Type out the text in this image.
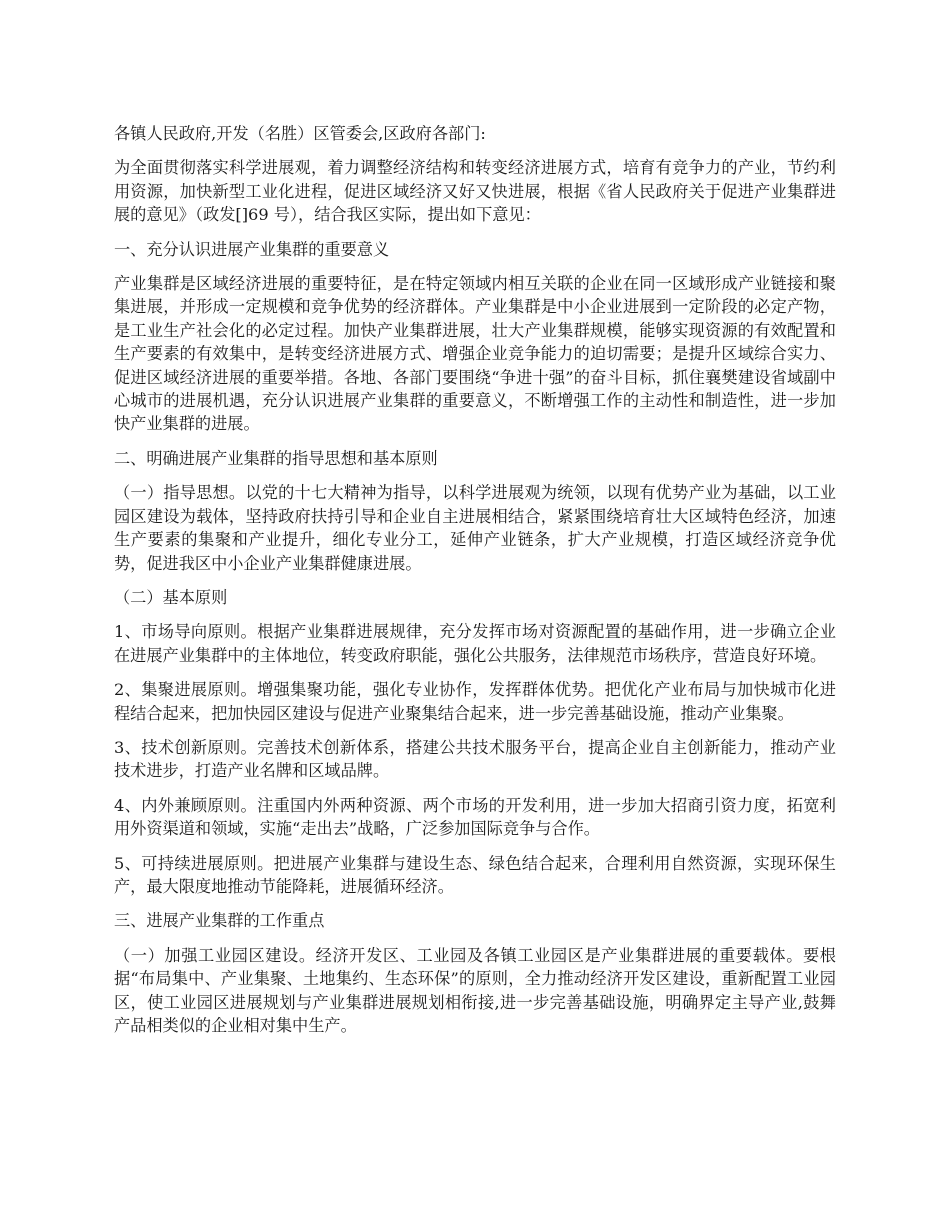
各镇人民政府,开发（名胜）区管委会,区政府各部门:

为全面贯彻落实科学进展观，着力调整经济结构和转变经济进展方式，培育有竞争力的产业，节约利用资源，加快新型工业化进程，促进区域经济又好又快进展，根据《省人民政府关于促进产业集群进展的意见》（政发[]69 号），结合我区实际，提出如下意见：

一、充分认识进展产业集群的重要意义

产业集群是区域经济进展的重要特征，是在特定领域内相互关联的企业在同一区域形成产业链接和聚集进展，并形成一定规模和竞争优势的经济群体。产业集群是中小企业进展到一定阶段的必定产物，是工业生产社会化的必定过程。加快产业集群进展，壮大产业集群规模，能够实现资源的有效配置和生产要素的有效集中，是转变经济进展方式、增强企业竞争能力的迫切需要；是提升区域综合实力、促进区域经济进展的重要举措。各地、各部门要围绕“争进十强”的奋斗目标，抓住襄樊建设省域副中心城市的进展机遇，充分认识进展产业集群的重要意义，不断增强工作的主动性和制造性，进一步加快产业集群的进展。

二、明确进展产业集群的指导思想和基本原则

（一）指导思想。以党的十七大精神为指导，以科学进展观为统领，以现有优势产业为基础，以工业园区建设为载体，坚持政府扶持引导和企业自主进展相结合，紧紧围绕培育壮大区域特色经济，加速生产要素的集聚和产业提升，细化专业分工，延伸产业链条，扩大产业规模，打造区域经济竞争优势，促进我区中小企业产业集群健康进展。

（二）基本原则

1、市场导向原则。根据产业集群进展规律，充分发挥市场对资源配置的基础作用，进一步确立企业在进展产业集群中的主体地位，转变政府职能，强化公共服务，法律规范市场秩序，营造良好环境。

2、集聚进展原则。增强集聚功能，强化专业协作，发挥群体优势。把优化产业布局与加快城市化进程结合起来，把加快园区建设与促进产业聚集结合起来，进一步完善基础设施，推动产业集聚。

3、技术创新原则。完善技术创新体系，搭建公共技术服务平台，提高企业自主创新能力，推动产业技术进步，打造产业名牌和区域品牌。

4、内外兼顾原则。注重国内外两种资源、两个市场的开发利用，进一步加大招商引资力度，拓宽利用外资渠道和领域，实施“走出去”战略，广泛参加国际竞争与合作。

5、可持续进展原则。把进展产业集群与建设生态、绿色结合起来，合理利用自然资源，实现环保生产，最大限度地推动节能降耗，进展循环经济。

三、进展产业集群的工作重点

（一）加强工业园区建设。经济开发区、工业园及各镇工业园区是产业集群进展的重要载体。要根据“布局集中、产业集聚、土地集约、生态环保”的原则，全力推动经济开发区建设，重新配置工业园区，使工业园区进展规划与产业集群进展规划相衔接,进一步完善基础设施，明确界定主导产业,鼓舞产品相类似的企业相对集中生产。
